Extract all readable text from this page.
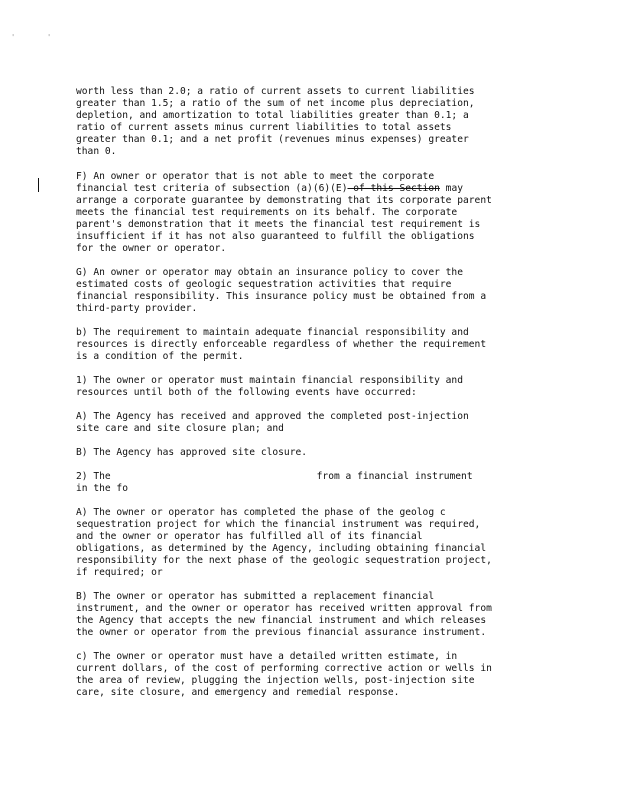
'	'
worth less than 2.0; a ratio of current assets to current liabilities
greater than 1.5; a ratio of the sum of net income plus depreciation,
depletion, and amortization to total liabilities greater than 0.1; a
ratio of current assets minus current liabilities to total assets
greater than 0.1; and a net profit (revenues minus expenses) greater
than 0.
F) An owner or operator that is not able to meet the corporate
financial test criteria of subsection (a)(6)(E) of this Section may
arrange a corporate guarantee by demonstrating that its corporate parent
meets the financial test requirements on its behalf. The corporate
parent's demonstration that it meets the financial test requirement is
insufficient if it has not also guaranteed to fulfill the obligations
for the owner or operator.
G) An owner or operator may obtain an insurance policy to cover the
estimated costs of geologic sequestration activities that require
financial responsibility. This insurance policy must be obtained from a
third-party provider.
b) The requirement to maintain adequate financial responsibility and
resources is directly enforceable regardless of whether the requirement
is a condition of the permit.
1) The owner or operator must maintain financial responsibility and
resources until both of the following events have occurred:
A) The Agency has received and approved the completed post-injection
site care and site closure plan; and
B) The Agency has approved site closure.
2) The	from a financial instrument
in the fo
A) The owner or operator has completed the phase of the geolog c
sequestration project for which the financial instrument was required,
and the owner or operator has fulfilled all of its financial
obligations, as determined by the Agency, including obtaining financial
responsibility for the next phase of the geologic sequestration project,
if required; or
B) The owner or operator has submitted a replacement financial
instrument, and the owner or operator has received written approval from
the Agency that accepts the new financial instrument and which releases
the owner or operator from the previous financial assurance instrument.
c) The owner or operator must have a detailed written estimate, in
current dollars, of the cost of performing corrective action or wells in
the area of review, plugging the injection wells, post-injection site
care, site closure, and emergency and remedial response.
